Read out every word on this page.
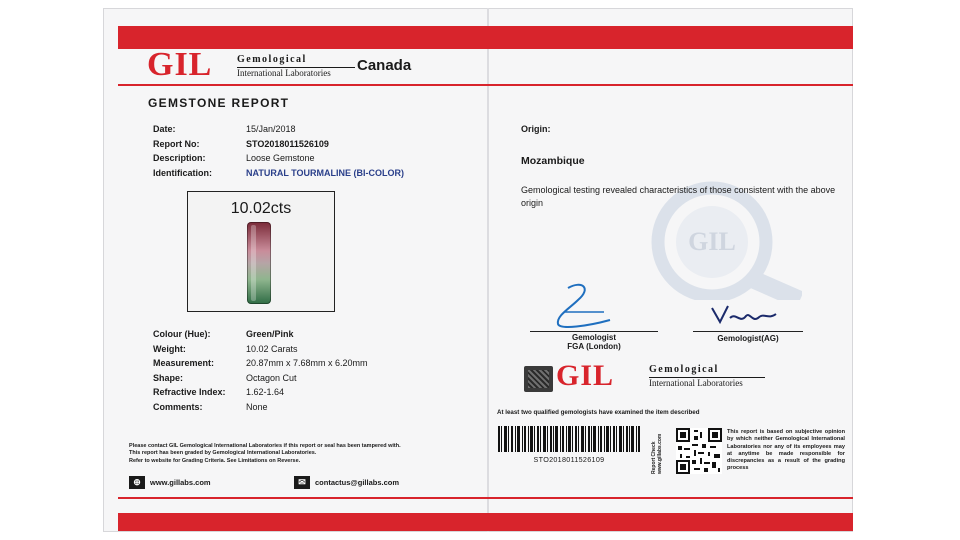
GIL Gemological
International Laboratories Canada
GEMSTONE REPORT
Date:	15/Jan/2018
Report No:	STO2018011526109
Description:	Loose Gemstone
Identification:	NATURAL TOURMALINE (BI-COLOR)
10.02cts
Colour (Hue):	Green/Pink
Weight:	10.02 Carats
Measurement:	20.87mm x 7.68mm x 6.20mm
Shape:	Octagon Cut
Refractive Index:	1.62-1.64
Comments:	None
Please contact GIL Gemological International Laboratories if this report or seal has been tampered with.
This report has been graded by Gemological International Laboratories.
Refer to website for Grading Criteria. See Limitations on Reverse.
⊕	www.gillabs.com	✉	contactus@gillabs.com
GIL
Origin:
Mozambique
Gemological testing revealed characteristics of those consistent with the above origin
Gemologist
FGA (London)
Gemologist(AG)
GIL	Gemological
International Laboratories
At least two qualified gemologists have examined the item described
STO2018011526109	Report Check www.gillabs.com
This report is based on subjective opinion by which neither Gemological International Laboratories nor any of its employees may at anytime be made responsible for discrepancies as a result of the grading process
